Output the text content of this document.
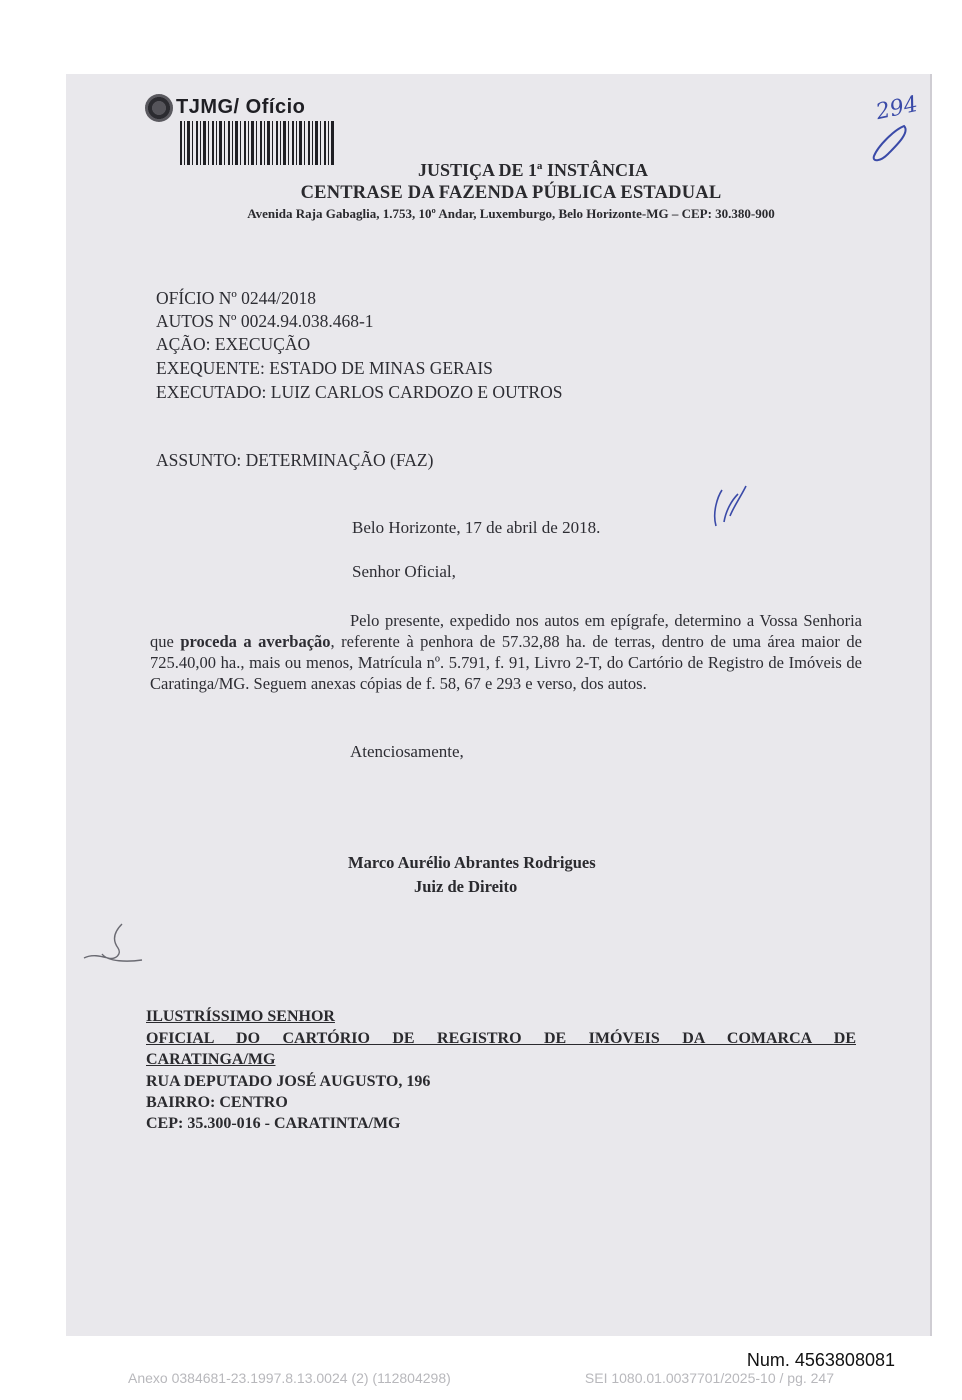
TJMG/ Ofício	294
JUSTIÇA DE 1ª INSTÂNCIA
CENTRASE DA FAZENDA PÚBLICA ESTADUAL
Avenida Raja Gabaglia, 1.753, 10º Andar, Luxemburgo, Belo Horizonte-MG – CEP: 30.380-900
OFÍCIO Nº 0244/2018
AUTOS Nº 0024.94.038.468-1
AÇÃO: EXECUÇÃO
EXEQUENTE: ESTADO DE MINAS GERAIS
EXECUTADO: LUIZ CARLOS CARDOZO E OUTROS
ASSUNTO: DETERMINAÇÃO (FAZ)
Belo Horizonte, 17 de abril de 2018.
Senhor Oficial,
Pelo presente, expedido nos autos em epígrafe, determino a Vossa Senhoria que proceda a averbação, referente à penhora de 57.32,88 ha. de terras, dentro de uma área maior de 725.40,00 ha., mais ou menos, Matrícula nº. 5.791, f. 91, Livro 2-T, do Cartório de Registro de Imóveis de Caratinga/MG. Seguem anexas cópias de f. 58, 67 e 293 e verso, dos autos.
Atenciosamente,
Marco Aurélio Abrantes Rodrigues
Juiz de Direito
ILUSTRÍSSIMO SENHOR
OFICIAL DO CARTÓRIO DE REGISTRO DE IMÓVEIS DA COMARCA DE
CARATINGA/MG
RUA DEPUTADO JOSÉ AUGUSTO, 196
BAIRRO: CENTRO
CEP: 35.300-016 - CARATINTA/MG
Num. 4563808081
Anexo 0384681-23.1997.8.13.0024 (2) (112804298)	SEI 1080.01.0037701/2025-10 / pg. 247
